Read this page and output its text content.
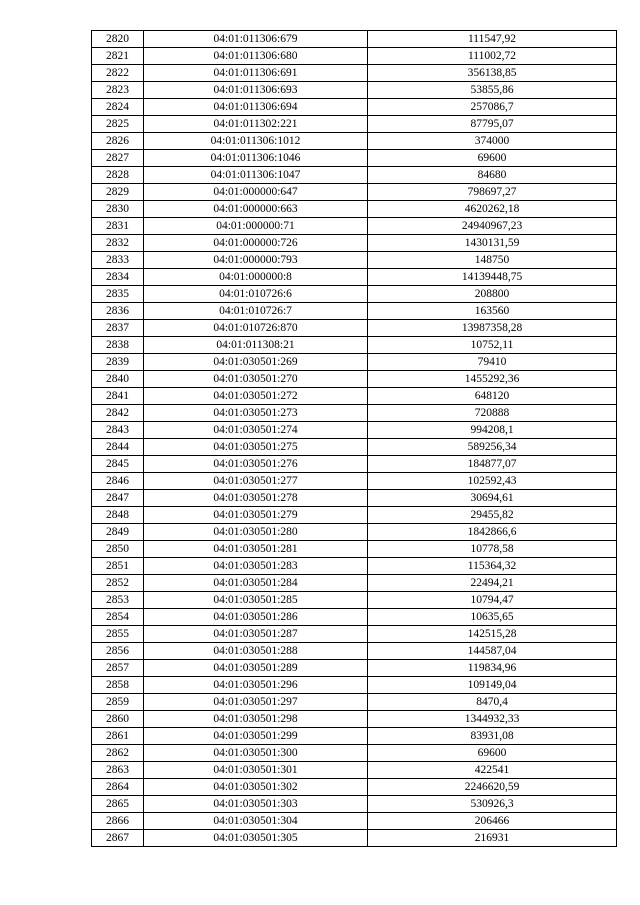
2820	04:01:011306:679	111547,92
2821	04:01:011306:680	111002,72
2822	04:01:011306:691	356138,85
2823	04:01:011306:693	53855,86
2824	04:01:011306:694	257086,7
2825	04:01:011302:221	87795,07
2826	04:01:011306:1012	374000
2827	04:01:011306:1046	69600
2828	04:01:011306:1047	84680
2829	04:01:000000:647	798697,27
2830	04:01:000000:663	4620262,18
2831	04:01:000000:71	24940967,23
2832	04:01:000000:726	1430131,59
2833	04:01:000000:793	148750
2834	04:01:000000:8	14139448,75
2835	04:01:010726:6	208800
2836	04:01:010726:7	163560
2837	04:01:010726:870	13987358,28
2838	04:01:011308:21	10752,11
2839	04:01:030501:269	79410
2840	04:01:030501:270	1455292,36
2841	04:01:030501:272	648120
2842	04:01:030501:273	720888
2843	04:01:030501:274	994208,1
2844	04:01:030501:275	589256,34
2845	04:01:030501:276	184877,07
2846	04:01:030501:277	102592,43
2847	04:01:030501:278	30694,61
2848	04:01:030501:279	29455,82
2849	04:01:030501:280	1842866,6
2850	04:01:030501:281	10778,58
2851	04:01:030501:283	115364,32
2852	04:01:030501:284	22494,21
2853	04:01:030501:285	10794,47
2854	04:01:030501:286	10635,65
2855	04:01:030501:287	142515,28
2856	04:01:030501:288	144587,04
2857	04:01:030501:289	119834,96
2858	04:01:030501:296	109149,04
2859	04:01:030501:297	8470,4
2860	04:01:030501:298	1344932,33
2861	04:01:030501:299	83931,08
2862	04:01:030501:300	69600
2863	04:01:030501:301	422541
2864	04:01:030501:302	2246620,59
2865	04:01:030501:303	530926,3
2866	04:01:030501:304	206466
2867	04:01:030501:305	216931
